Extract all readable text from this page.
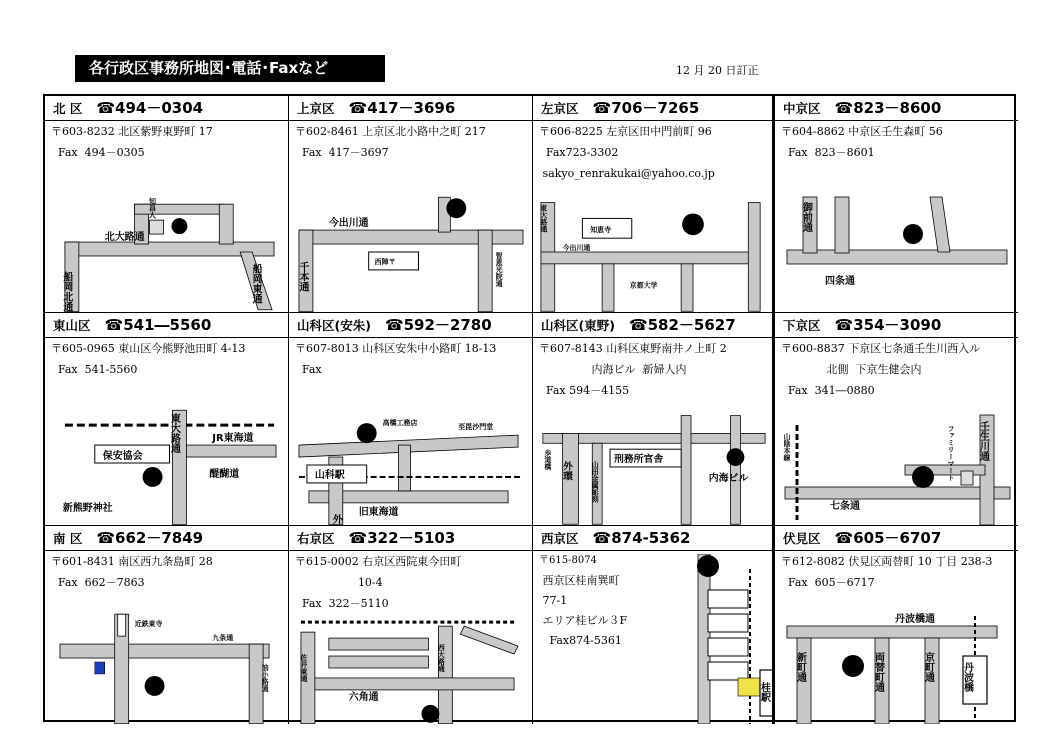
各行政区事務所地図･電話･Faxなど	12 月 20 日訂正
北 区 ☎494－0304
〒603-8232 北区紫野東野町 17
Fax  494－0305
北大路通
船岡北通	船岡東通
知昌人
上京区 ☎417－3696
〒602-8461 上京区北小路中之町 217
Fax  417－3697
今出川通
千本通
西陣〒	智恵光院通
左京区 ☎706－7265
〒606-8225 左京区田中門前町 96
Fax723-3302
sakyo_renrakukai@yahoo.co.jp
知恵寺
東大路通
今出川通
京都大学
中京区 ☎823－8600
〒604-8862 中京区壬生森町 56
Fax  823－8601
御前通
四条通
東山区 ☎541―5560
〒605-0965 東山区今熊野池田町 4‐13
Fax  541-5560
東大路通	JR東海道
保安協会
醍醐道
新熊野神社
山科区(安朱) ☎592－2780
〒607-8013 山科区安朱中小路町 18-13
Fax
高橋工務店	至毘沙門堂
山科駅
旧東海道
外
山科区(東野) ☎582－5627
〒607-8143 山科区東野南井ノ上町 2
内海ビル  新婦人内
Fax 594－4155
歩道橋
外環	山田金属彫刻
刑務所官舎
内海ビル
下京区 ☎354－3090
〒600-8837 下京区七条通壬生川西入ル
北側  下京生健会内
Fax  341―0880
山陰本線	ファミリーマート 壬生川通
七条通
南 区 ☎662－7849
〒601-8431 南区西九条島町 28
Fax  662－7863
近鉄東寺
九条通
油小路通
右京区 ☎322－5103
〒615-0002 右京区西院東今田町
10‐4
Fax  322－5110
佐井東通	西大路通
六角通
西京区 ☎874-5362
〒615-8074
西京区桂南巽町
77‐1
エリア桂ビル３F
Fax874-5361
桂駅
伏見区 ☎605－6707
〒612-8082 伏見区両替町 10 丁目 238‐3
Fax  605－6717
丹波橋通
新町通	両替町通	京町通	丹波橋
